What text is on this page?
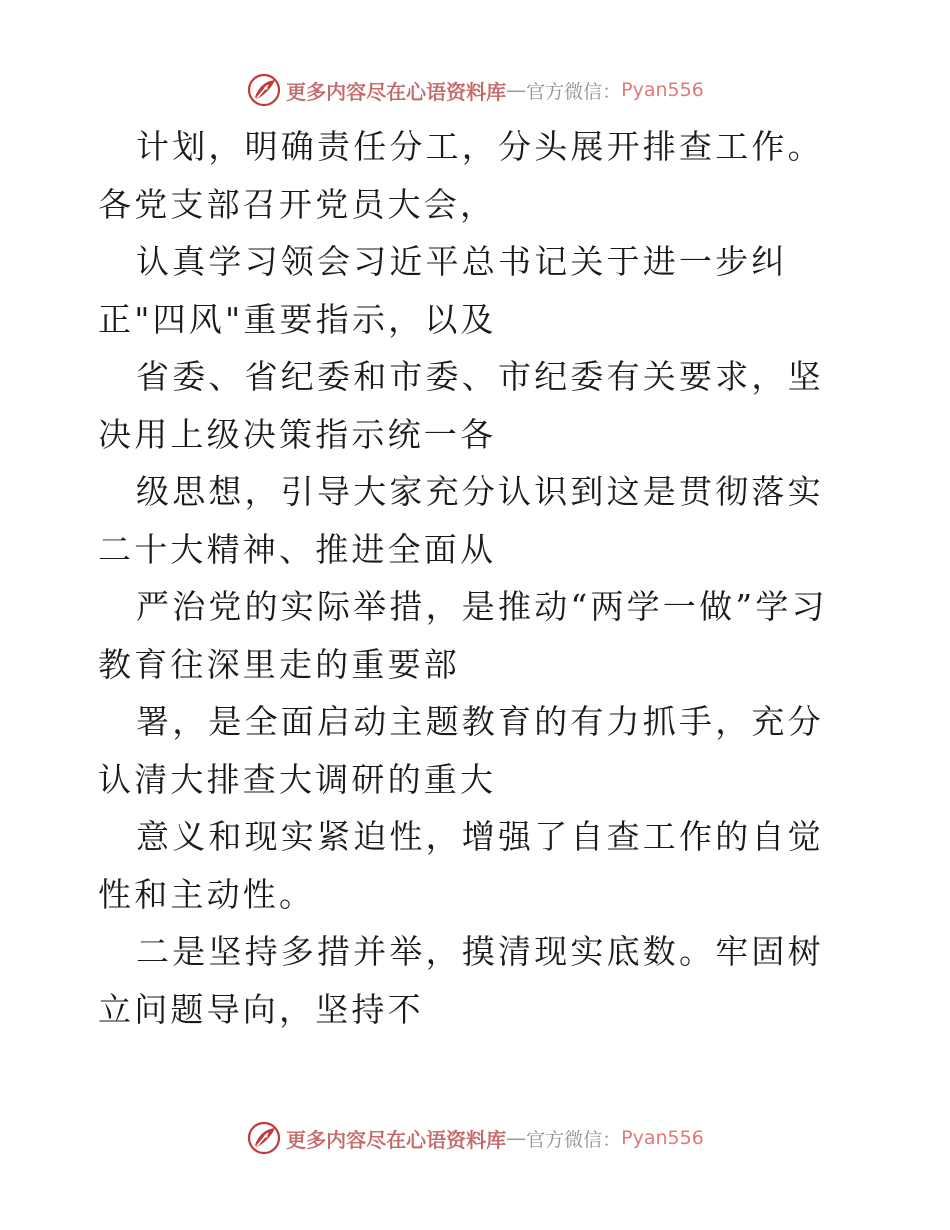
更多内容尽在心语资料库 — 官方微信： Pyan556

计划，明确责任分工，分头展开排查工作。各党支部召开党员大会，

认真学习领会习近平总书记关于进一步纠正"四风"重要指示，以及

省委、省纪委和市委、市纪委有关要求，坚决用上级决策指示统一各

级思想，引导大家充分认识到这是贯彻落实二十大精神、推进全面从

严治党的实际举措，是推动“两学一做”学习教育往深里走的重要部

署，是全面启动主题教育的有力抓手，充分认清大排查大调研的重大

意义和现实紧迫性，增强了自查工作的自觉性和主动性。

二是坚持多措并举，摸清现实底数。牢固树立问题导向，坚持不

更多内容尽在心语资料库 — 官方微信： Pyan556
